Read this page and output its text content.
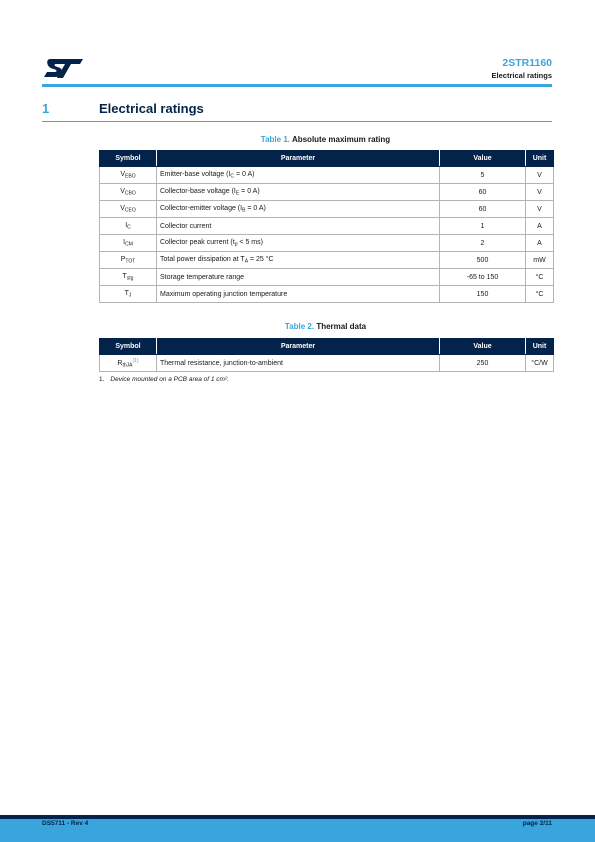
2STR1160
Electrical ratings
1	Electrical ratings
Table 1. Absolute maximum rating
Symbol	Parameter	Value	Unit
$V_{EBO}$	Emitter-base voltage ($I_C = 0$ A)	5	V
$V_{CBO}$	Collector-base voltage ($I_E = 0$ A)	60	V
$V_{CEO}$	Collector-emitter voltage ($I_B = 0$ A)	60	V
$I_C$	Collector current	1	A
$I_{CM}$	Collector peak current ($t_p < 5$ ms)	2	A
$P_{TOT}$	Total power dissipation at $T_A = 25$ °C	500	mW
$T_{stg}$	Storage temperature range	-65 to 150	°C
$T_J$	Maximum operating junction temperature	150	°C
Table 2. Thermal data
Symbol	Parameter	Value	Unit
$R_{thJA}^{(1)}$	Thermal resistance, junction-to-ambient	250	°C/W
1. Device mounted on a PCB area of 1 cm².
DS5711 - Rev 4	page 2/11
